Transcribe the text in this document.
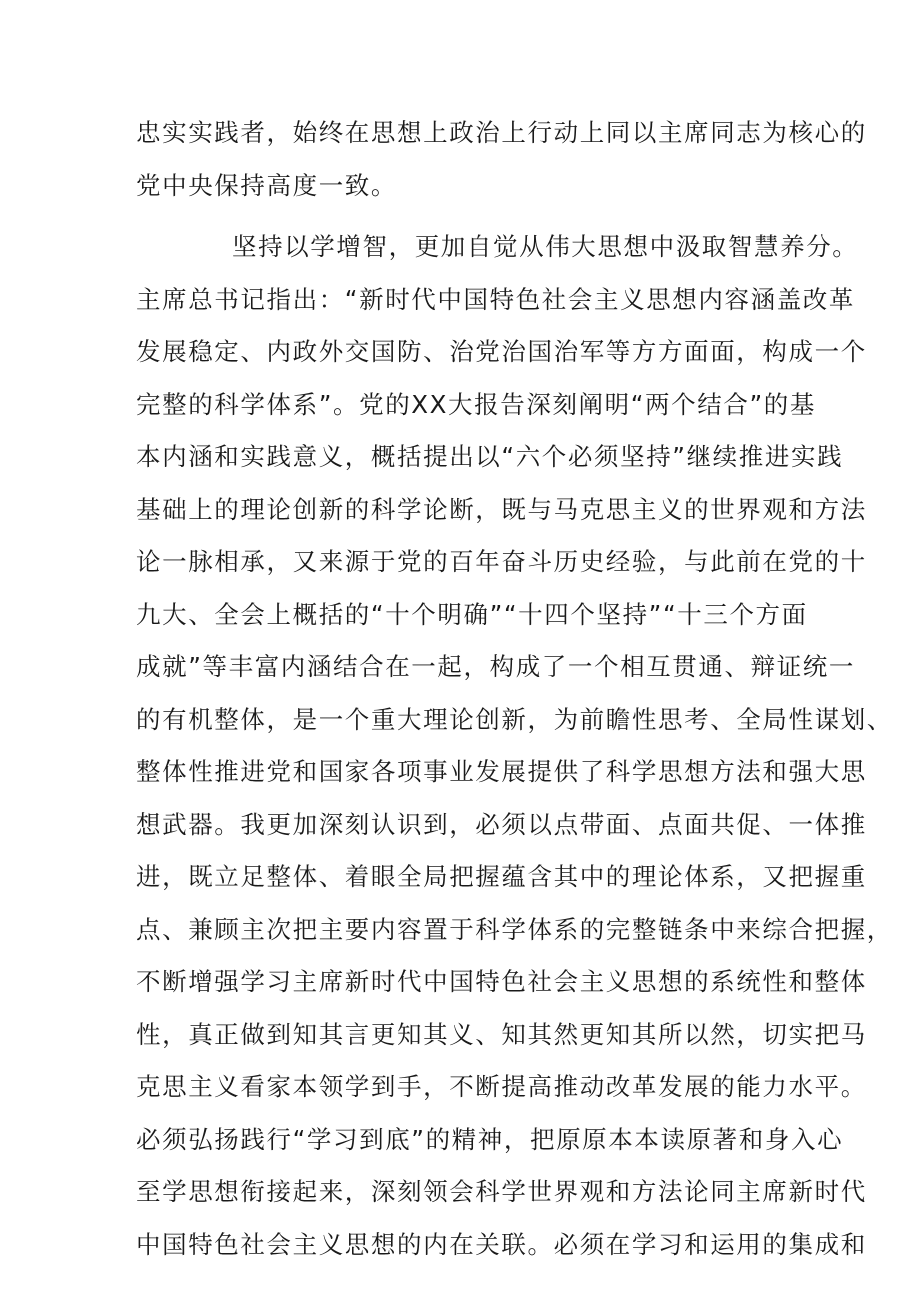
忠实实践者，始终在思想上政治上行动上同以主席同志为核心的
党中央保持高度一致。
坚持以学增智，更加自觉从伟大思想中汲取智慧养分。
主席总书记指出：“新时代中国特色社会主义思想内容涵盖改革
发展稳定、内政外交国防、治党治国治军等方方面面，构成一个
完整的科学体系”。党的XX大报告深刻阐明“两个结合”的基
本内涵和实践意义，概括提出以“六个必须坚持”继续推进实践
基础上的理论创新的科学论断，既与马克思主义的世界观和方法
论一脉相承，又来源于党的百年奋斗历史经验，与此前在党的十
九大、全会上概括的“十个明确”“十四个坚持”“十三个方面
成就”等丰富内涵结合在一起，构成了一个相互贯通、辩证统一
的有机整体，是一个重大理论创新，为前瞻性思考、全局性谋划、
整体性推进党和国家各项事业发展提供了科学思想方法和强大思
想武器。我更加深刻认识到，必须以点带面、点面共促、一体推
进，既立足整体、着眼全局把握蕴含其中的理论体系，又把握重
点、兼顾主次把主要内容置于科学体系的完整链条中来综合把握，
不断增强学习主席新时代中国特色社会主义思想的系统性和整体
性，真正做到知其言更知其义、知其然更知其所以然，切实把马
克思主义看家本领学到手，不断提高推动改革发展的能力水平。
必须弘扬践行“学习到底”的精神，把原原本本读原著和身入心
至学思想衔接起来，深刻领会科学世界观和方法论同主席新时代
中国特色社会主义思想的内在关联。必须在学习和运用的集成和
